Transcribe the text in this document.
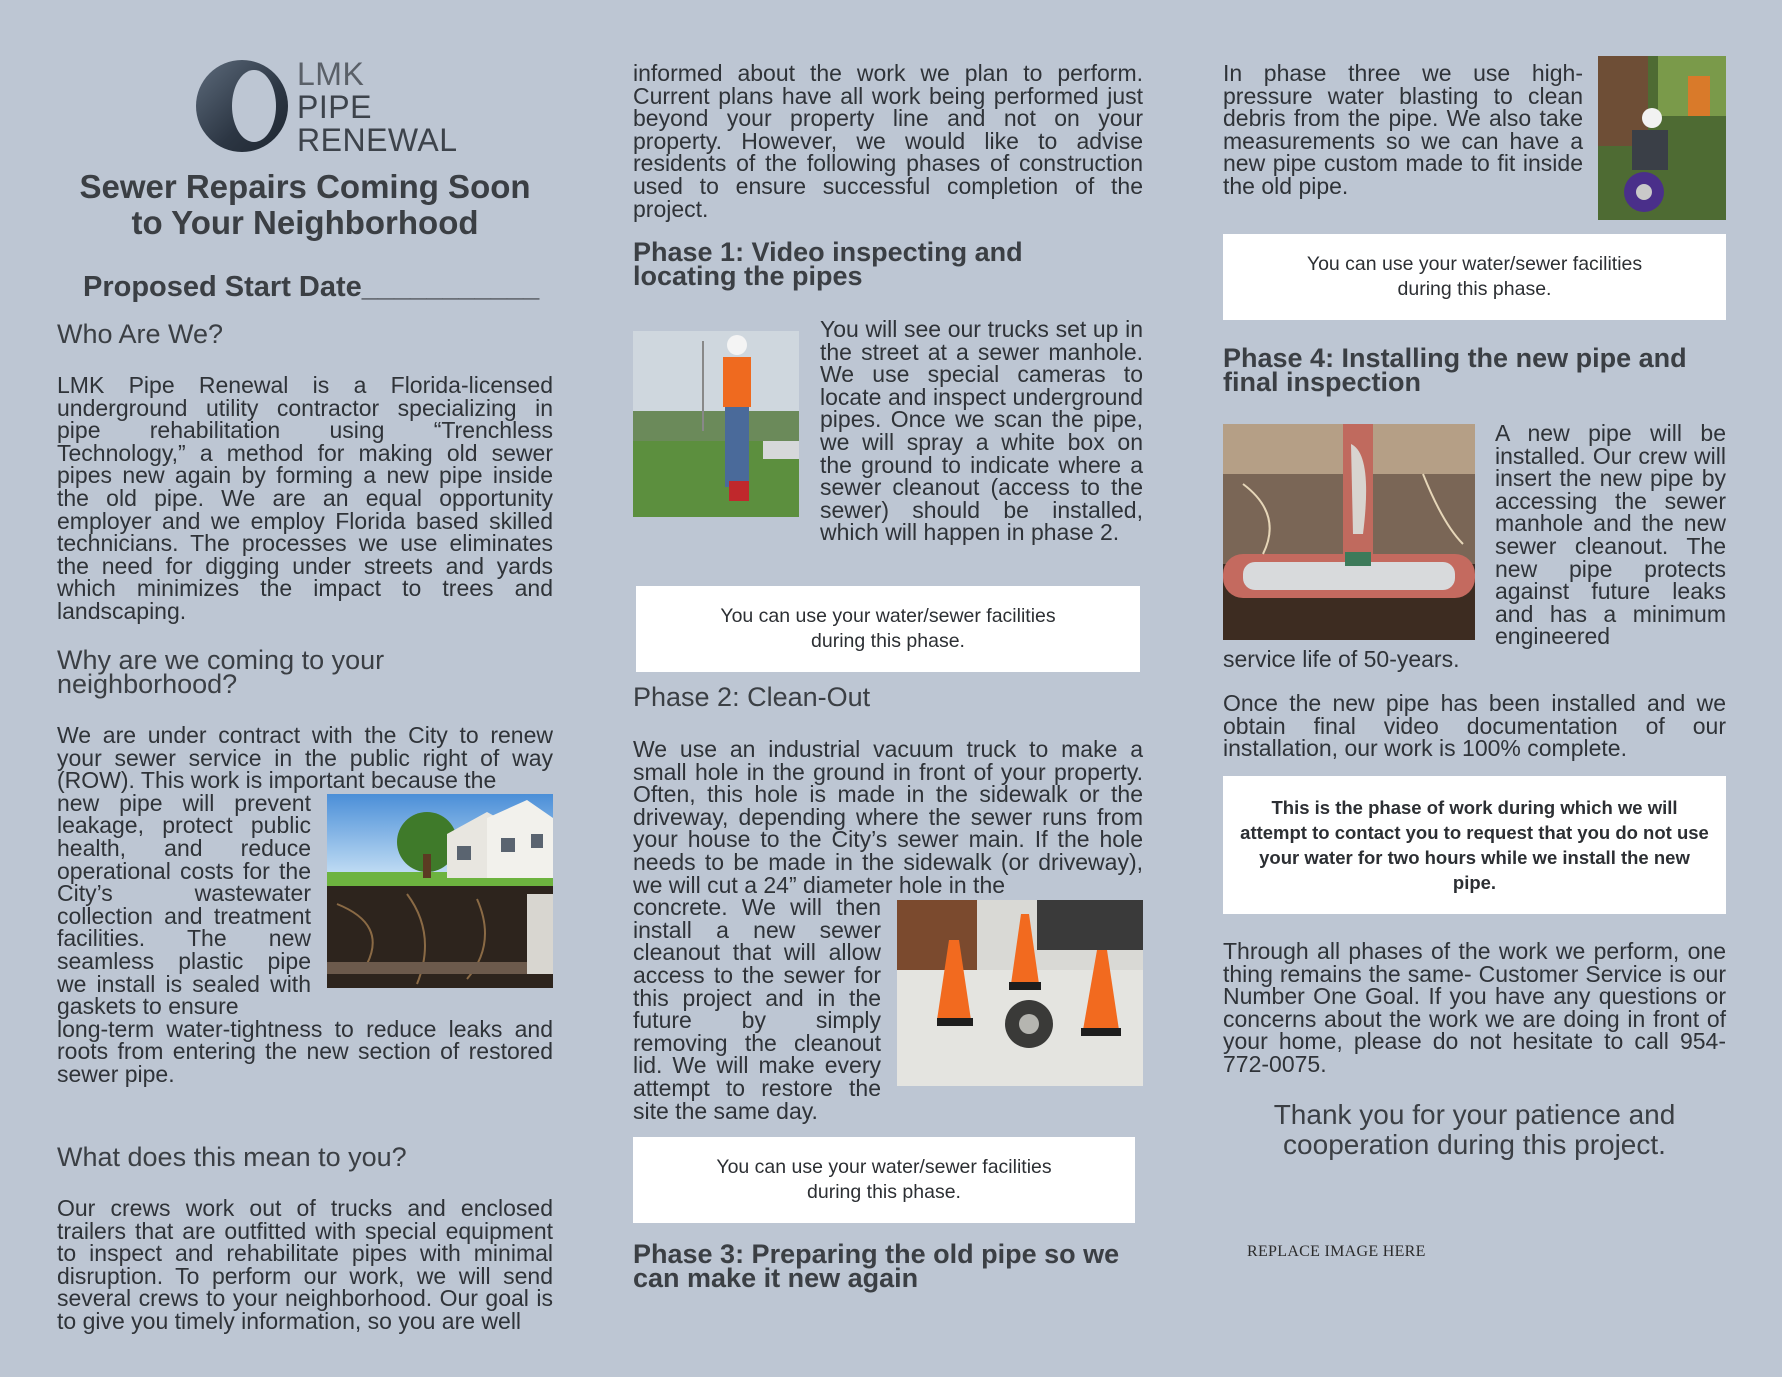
LMK
PIPE
RENEWAL
Sewer Repairs Coming Soon
to Your Neighborhood
Proposed Start Date___________
Who Are We?

LMK Pipe Renewal is a Florida-licensed underground utility contractor specializing in pipe rehabilitation using “Trenchless Technology,” a method for making old sewer pipes new again by forming a new pipe inside the old pipe. We are an equal opportunity employer and we employ Florida based skilled technicians. The processes we use eliminates the need for digging under streets and yards which minimizes the impact to trees and landscaping.

Why are we coming to your
neighborhood?

We are under contract with the City to renew your sewer service in the public right of way (ROW). This work is important because the

new pipe will prevent leakage, protect public health, and reduce operational costs for the City’s wastewater collection and treatment facilities. The new seamless plastic pipe we install is sealed with gaskets to ensure

long-term water-tightness to reduce leaks and roots from entering the new section of restored sewer pipe.

What does this mean to you?

Our crews work out of trucks and enclosed trailers that are outfitted with special equipment to inspect and rehabilitate pipes with minimal disruption. To perform our work, we will send several crews to your neighborhood. Our goal is to give you timely information, so you are well

informed about the work we plan to perform. Current plans have all work being performed just beyond your property line and not on your property. However, we would like to advise residents of the following phases of construction used to ensure successful completion of the project.

Phase 1: Video inspecting and
locating the pipes

You will see our trucks set up in the street at a sewer manhole. We use special cameras to locate and inspect underground pipes. Once we scan the pipe, we will spray a white box on the ground to indicate where a sewer cleanout (access to the sewer) should be installed, which will happen in phase 2.

You can use your water/sewer facilities
during this phase.
Phase 2: Clean-Out

We use an industrial vacuum truck to make a small hole in the ground in front of your property. Often, this hole is made in the sidewalk or the driveway, depending where the sewer runs from your house to the City’s sewer main. If the hole needs to be made in the sidewalk (or driveway), we will cut a 24” diameter hole in the

concrete. We will then install a new sewer cleanout that will allow access to the sewer for this project and in the future by simply removing the cleanout lid. We will make every attempt to restore the site the same day.

You can use your water/sewer facilities
during this phase.
Phase 3: Preparing the old pipe so we
can make it new again

In phase three we use high-pressure water blasting to clean debris from the pipe. We also take measurements so we can have a new pipe custom made to fit inside the old pipe.

You can use your water/sewer facilities
during this phase.
Phase 4: Installing the new pipe and
final inspection

A new pipe will be installed. Our crew will insert the new pipe by accessing the sewer manhole and the new sewer cleanout. The new pipe protects against future leaks and has a minimum engineered

service life of 50-years.

Once the new pipe has been installed and we obtain final video documentation of our installation, our work is 100% complete.

This is the phase of work during which we will attempt to contact you to request that you do not use your water for two hours while we install the new pipe.

Through all phases of the work we perform, one thing remains the same- Customer Service is our Number One Goal. If you have any questions or concerns about the work we are doing in front of your home, please do not hesitate to call 954-772-0075.

Thank you for your patience and
cooperation during this project.
REPLACE IMAGE HERE
